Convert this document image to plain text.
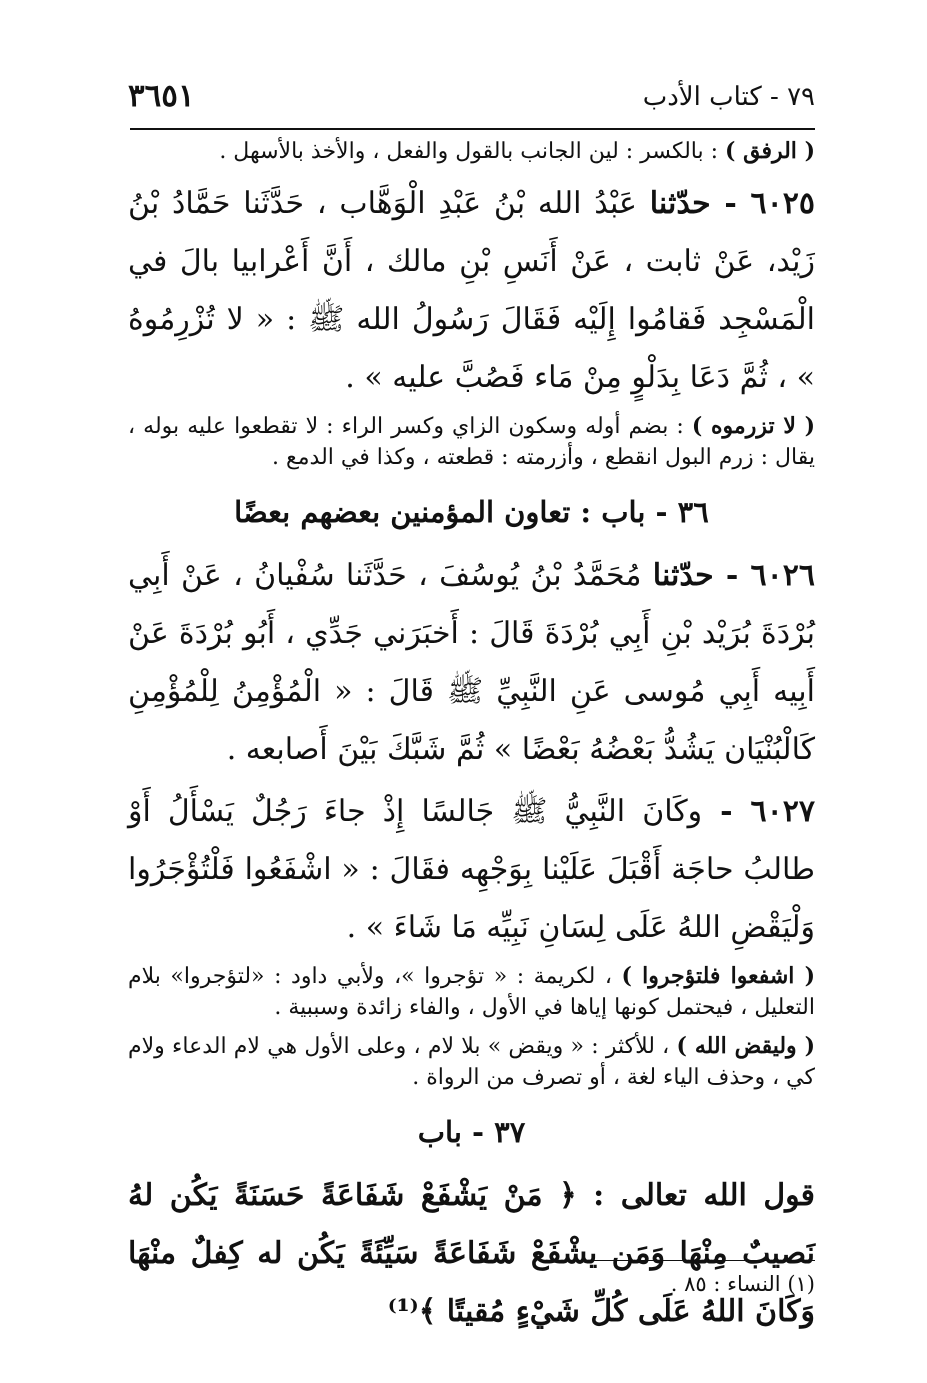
٧٩ - كتاب الأدب
٣٦٥١

( الرفق ) : بالكسر : لين الجانب بالقول والفعل ، والأخذ بالأسهل .

٦٠٢٥ - حدّثنا عَبْدُ الله بْنُ عَبْدِ الْوَهَّاب ، حَدَّثَنا حَمَّادُ بْنُ زَيْد، عَنْ ثابت ، عَنْ أَنَسِ بْنِ مالك ، أَنَّ أَعْرابيا بالَ في الْمَسْجِد فَقامُوا إِلَيْه فَقَالَ رَسُولُ الله ﷺ : « لا تُزْرِمُوهُ » ، ثُمَّ دَعَا بِدَلْوٍ مِنْ مَاء فَصُبَّ عليه » .

( لا تزرموه ) : بضم أوله وسكون الزاي وكسر الراء : لا تقطعوا عليه بوله ، يقال : زرم البول انقطع ، وأزرمته : قطعته ، وكذا في الدمع .

٣٦ - باب : تعاون المؤمنين بعضهم بعضًا

٦٠٢٦ - حدّثنا مُحَمَّدُ بْنُ يُوسُفَ ، حَدَّثَنا سُفْيانُ ، عَنْ أَبِي بُرْدَةَ بُرَيْد بْنِ أَبِي بُرْدَةَ قَالَ : أَخبَرَني جَدِّي ، أَبُو بُرْدَةَ عَنْ أَبِيه أَبِي مُوسى عَنِ النَّبِيِّ ﷺ قَالَ : « الْمُؤْمِنُ لِلْمُؤْمِنِ كَالْبُنْيَان يَشُدُّ بَعْضُهُ بَعْضًا » ثُمَّ شَبَّكَ بَيْنَ أَصابعه .

٦٠٢٧ - وكَانَ النَّبِيُّ ﷺ جَالسًا إِذْ جاءَ رَجُلٌ يَسْأَلُ أَوْ طالبُ حاجَة أَقْبَلَ عَلَيْنا بِوَجْهِه فقَالَ : « اشْفَعُوا فَلْتُؤْجَرُوا وَلْيَقْضِ اللهُ عَلَى لِسَانِ نَبِيِّه مَا شَاءَ » .

( اشفعوا فلتؤجروا ) ، لكريمة : « تؤجروا »، ولأبي داود : «لتؤجروا» بلام التعليل ، فيحتمل كونها إياها في الأول ، والفاء زائدة وسببية .

( وليقض الله ) ، للأكثر : « ويقض » بلا لام ، وعلى الأول هي لام الدعاء ولام كي ، وحذف الياء لغة ، أو تصرف من الرواة .

٣٧ - باب

قول الله تعالى : ﴿ مَنْ يَشْفَعْ شَفَاعَةً حَسَنَةً يَكُن لهُ نَصيبٌ مِنْهَا وَمَن يشْفَعْ شَفَاعَةً سَيِّئَةً يَكُن له كِفلٌ منْهَا وَكَانَ اللهُ عَلَى كُلِّ شَيْءٍ مُقيتًا ﴾⁽¹⁾

(١) النساء : ٨٥ .
